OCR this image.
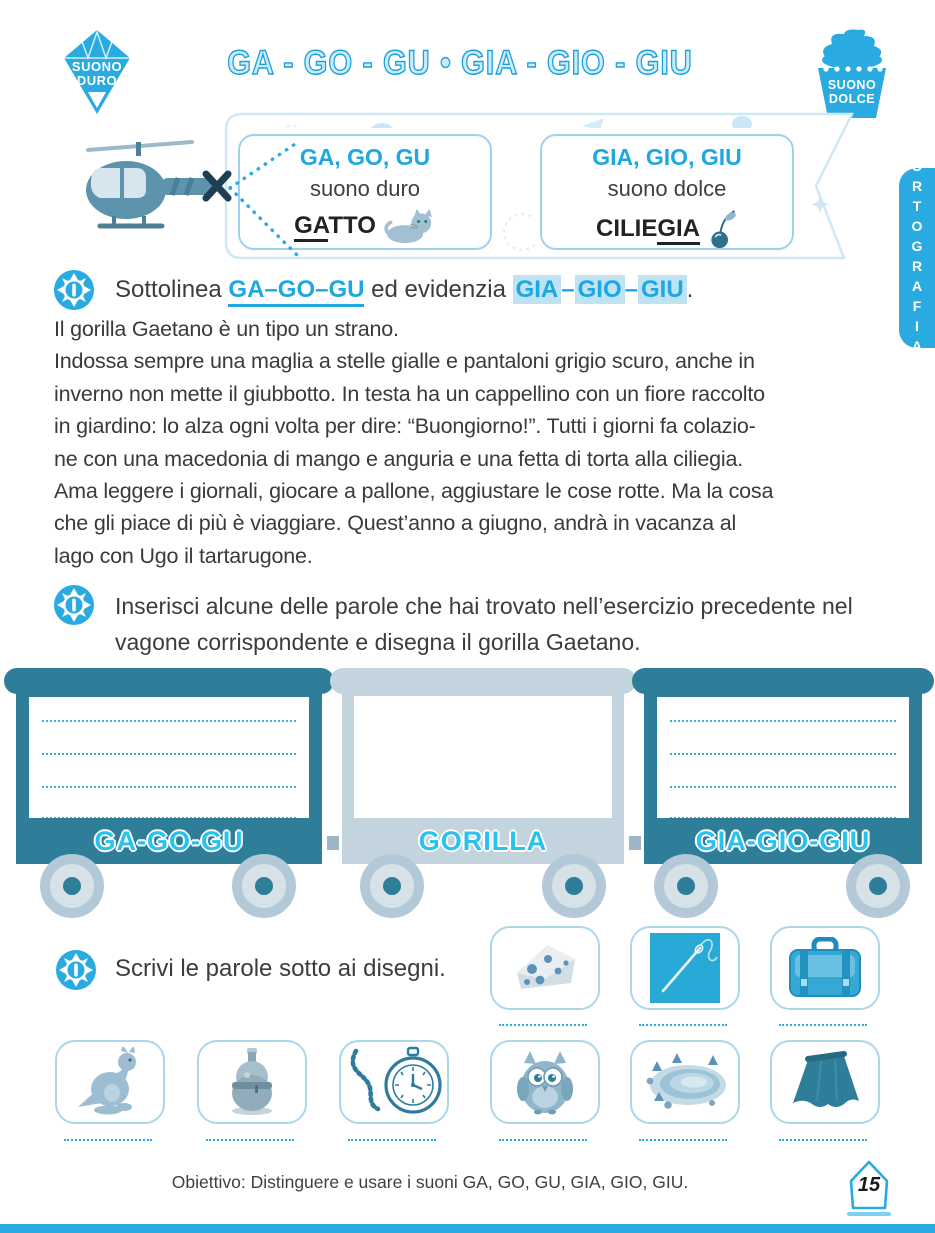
SUONO
DURO	GA - GO - GU • GIA - GIO - GIU
SUONO
DOLCE
ORTOGRAFIA
GA, GO, GU
suono duro
GATTO
GIA, GIO, GIU
suono dolce
CILIEGIA
Sottolinea GA–GO–GU ed evidenzia GIA – GIO – GIU .
Il gorilla Gaetano è un tipo un strano.
Indossa sempre una maglia a stelle gialle e pantaloni grigio scuro, anche in
inverno non mette il giubbotto. In testa ha un cappellino con un fiore raccolto
in giardino: lo alza ogni volta per dire: “Buongiorno!”. Tutti i giorni fa colazio-
ne con una macedonia di mango e anguria e una fetta di torta alla ciliegia.
Ama leggere i giornali, giocare a pallone, aggiustare le cose rotte. Ma la cosa
che gli piace di più è viaggiare. Quest’anno a giugno, andrà in vacanza al
lago con Ugo il tartarugone.
Inserisci alcune delle parole che hai trovato nell’esercizio precedente nel vagone corrispondente e disegna il gorilla Gaetano.
GA-GO-GU	GORILLA	GIA-GIO-GIU
Scrivi le parole sotto ai disegni.
Obiettivo: Distinguere e usare i suoni GA, GO, GU, GIA, GIO, GIU.	15
